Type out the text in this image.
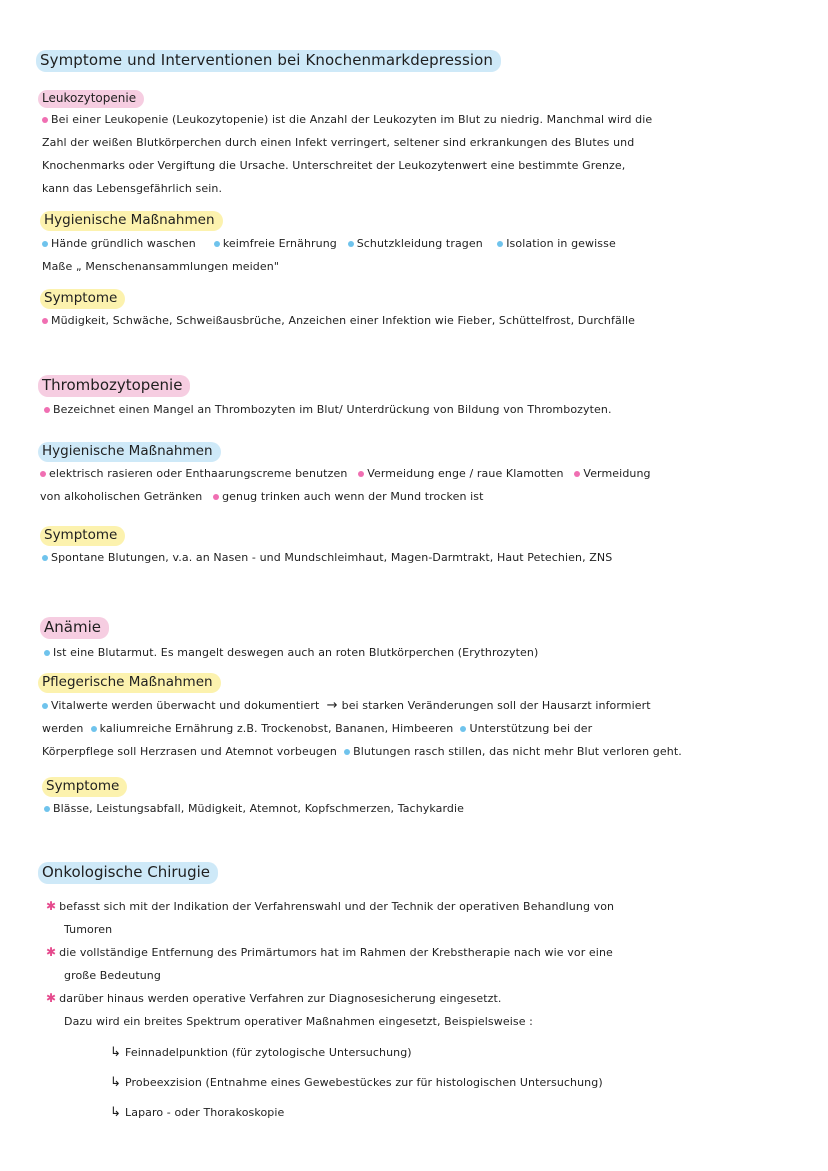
Symptome und Interventionen bei Knochenmarkdepression
Leukozytopenie
Bei einer Leukopenie (Leukozytopenie) ist die Anzahl der Leukozyten im Blut zu niedrig. Manchmal wird die
Zahl der weißen Blutkörperchen durch einen Infekt verringert, seltener sind erkrankungen des Blutes und
Knochenmarks oder Vergiftung die Ursache. Unterschreitet der Leukozytenwert eine bestimmte Grenze,
kann das Lebensgefährlich sein.
Hygienische Maßnahmen
Hände gründlich waschen keimfreie Ernährung Schutzkleidung tragen Isolation in gewisse
Maße „ Menschenansammlungen meiden"
Symptome
Müdigkeit, Schwäche, Schweißausbrüche, Anzeichen einer Infektion wie Fieber, Schüttelfrost, Durchfälle
Thrombozytopenie
Bezeichnet einen Mangel an Thrombozyten im Blut/ Unterdrückung von Bildung von Thrombozyten.
Hygienische Maßnahmen
elektrisch rasieren oder Enthaarungscreme benutzen Vermeidung enge / raue Klamotten Vermeidung
von alkoholischen Getränken genug trinken auch wenn der Mund trocken ist
Symptome
Spontane Blutungen, v.a. an Nasen - und Mundschleimhaut, Magen-Darmtrakt, Haut Petechien, ZNS
Anämie
Ist eine Blutarmut. Es mangelt deswegen auch an roten Blutkörperchen (Erythrozyten)
Pflegerische Maßnahmen
Vitalwerte werden überwacht und dokumentiert → bei starken Veränderungen soll der Hausarzt informiert
werden kaliumreiche Ernährung z.B. Trockenobst, Bananen, Himbeeren Unterstützung bei der
Körperpflege soll Herzrasen und Atemnot vorbeugen Blutungen rasch stillen, das nicht mehr Blut verloren geht.
Symptome
Blässe, Leistungsabfall, Müdigkeit, Atemnot, Kopfschmerzen, Tachykardie
Onkologische Chirugie
✱ befasst sich mit der Indikation der Verfahrenswahl und der Technik der operativen Behandlung von
Tumoren
✱ die vollständige Entfernung des Primärtumors hat im Rahmen der Krebstherapie nach wie vor eine
große Bedeutung
✱ darüber hinaus werden operative Verfahren zur Diagnosesicherung eingesetzt.
Dazu wird ein breites Spektrum operativer Maßnahmen eingesetzt, Beispielsweise :
↳ Feinnadelpunktion (für zytologische Untersuchung)
↳ Probeexzision (Entnahme eines Gewebestückes zur für histologischen Untersuchung)
↳ Laparo - oder Thorakoskopie
